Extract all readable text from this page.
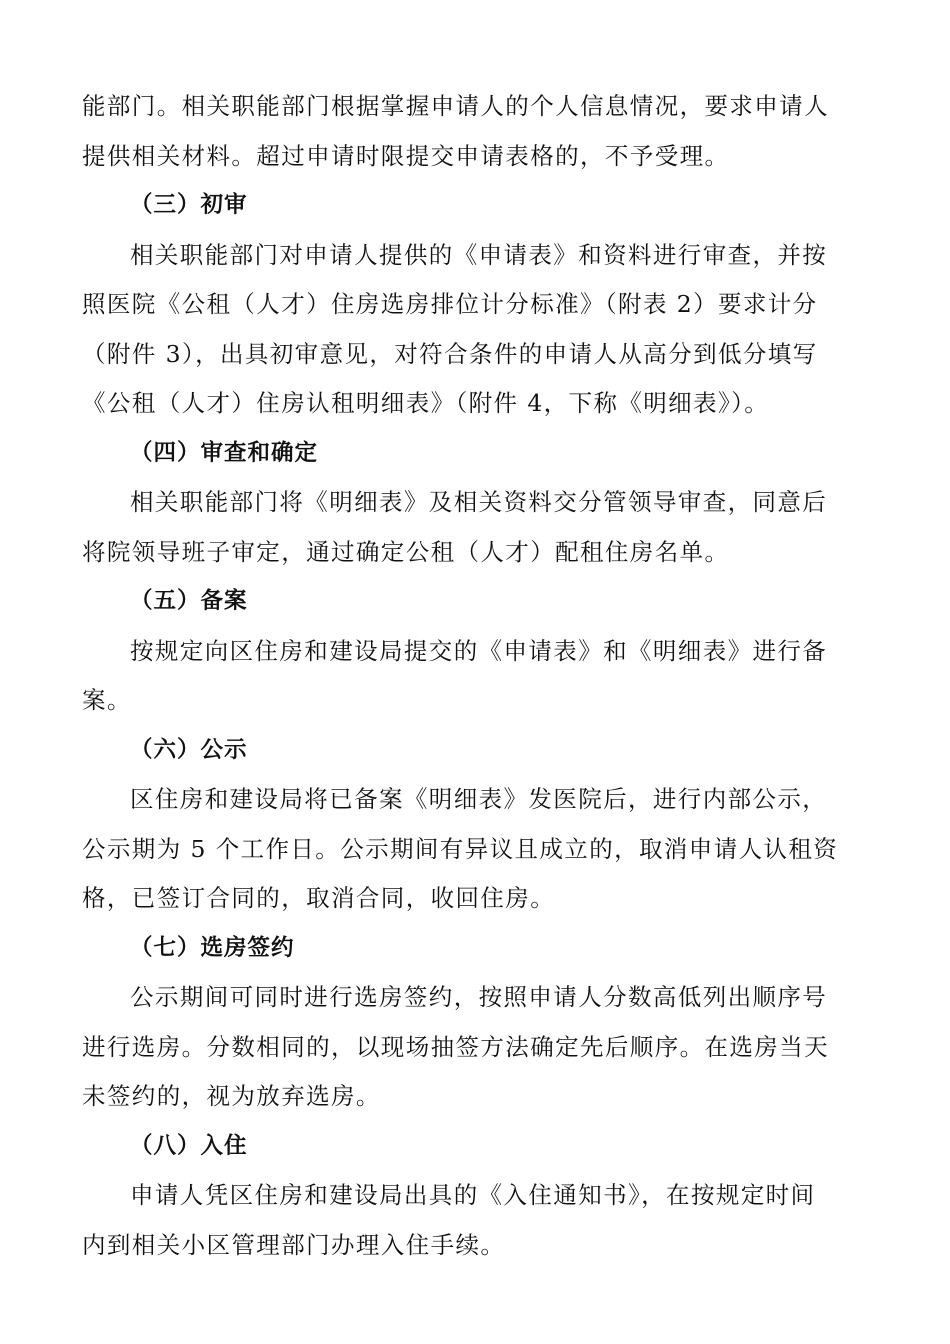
能部门。相关职能部门根据掌握申请人的个人信息情况，要求申请人
提供相关材料。超过申请时限提交申请表格的，不予受理。

（三）初审

相关职能部门对申请人提供的《申请表》和资料进行审查，并按
照医院《公租（人才）住房选房排位计分标准》（附表 2）要求计分
（附件 3），出具初审意见，对符合条件的申请人从高分到低分填写
《公租（人才）住房认租明细表》（附件 4，下称《明细表》）。

（四）审查和确定

相关职能部门将《明细表》及相关资料交分管领导审查，同意后
将院领导班子审定，通过确定公租（人才）配租住房名单。

（五）备案

按规定向区住房和建设局提交的《申请表》和《明细表》进行备
案。

（六）公示

区住房和建设局将已备案《明细表》发医院后，进行内部公示，
公示期为 5 个工作日。公示期间有异议且成立的，取消申请人认租资
格，已签订合同的，取消合同，收回住房。

（七）选房签约

公示期间可同时进行选房签约，按照申请人分数高低列出顺序号
进行选房。分数相同的，以现场抽签方法确定先后顺序。在选房当天
未签约的，视为放弃选房。

（八）入住

申请人凭区住房和建设局出具的《入住通知书》，在按规定时间
内到相关小区管理部门办理入住手续。
